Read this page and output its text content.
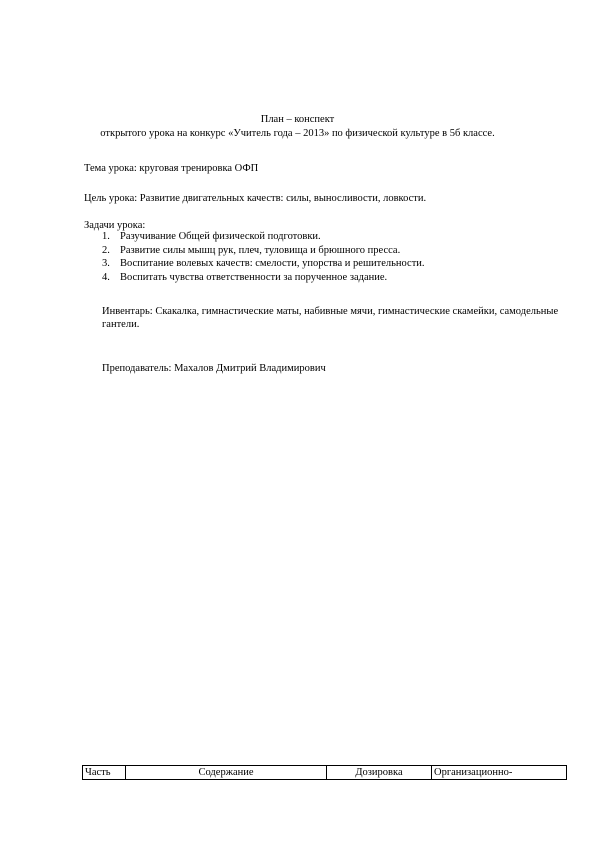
План – конспект
открытого урока на конкурс «Учитель года – 2013» по физической культуре в 5б классе.
Тема урока: круговая тренировка ОФП
Цель урока: Развитие двигательных качеств: силы, выносливости, ловкости.
Задачи урока:
1. Разучивание Общей физической подготовки.
2. Развитие силы мышц рук, плеч, туловища и брюшного пресса.
3. Воспитание волевых качеств: смелости, упорства и решительности.
4. Воспитать чувства ответственности за порученное задание.
Инвентарь: Скакалка, гимнастические маты, набивные мячи, гимнастические скамейки, самодельные гантели.
Преподаватель: Махалов Дмитрий Владимирович
Часть	Содержание	Дозировка	Организационно-
